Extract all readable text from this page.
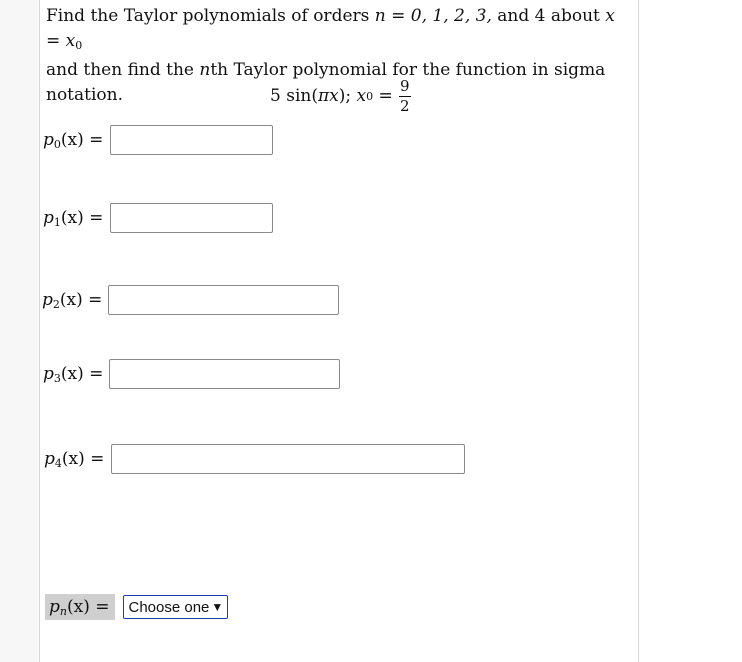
Find the Taylor polynomials of orders n = 0, 1, 2, 3, and 4 about $x = x_0$
and then find the nth Taylor polynomial for the function in sigma
notation.	5 sin( πx );
x 0
= $\frac{9}{2}$
$p_0(x)$ =
$p_1(x)$ =
$p_2(x)$ =
$p_3(x)$ =
$p_4(x)$ =
$p_n(x)$ =	Choose one ▼
